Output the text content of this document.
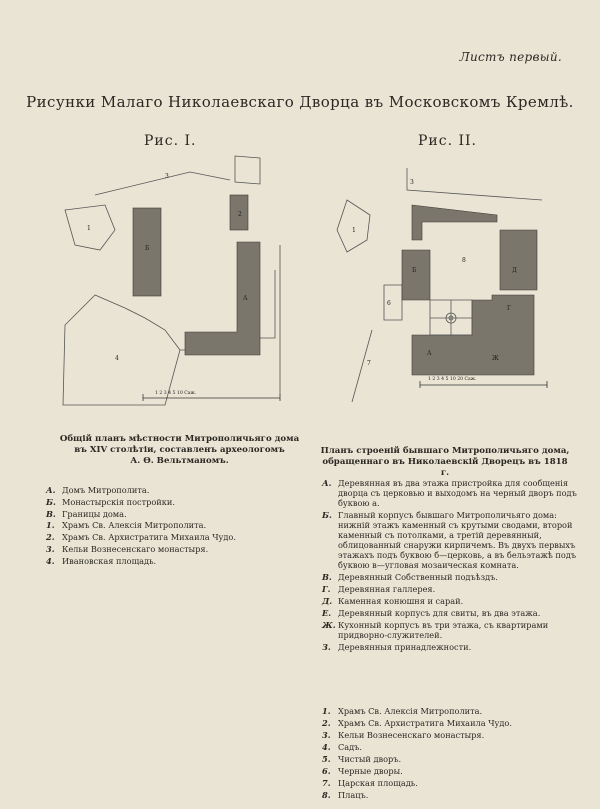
Листъ первый.
Рисунки Малаго Николаевскаго Дворца въ Московскомъ Кремлѣ.
Рис. I.	Рис. II.
3
1
Б
2
А
4
1 2 3 4 5 10 Саж.
3
1
8
Д
Б
А
Г
Ж
6
7
1 2 3 4 5 10 20 Саж.
Общій планъ мѣстности Митрополичьяго дома
въ XIV столѣтіи, составленъ археологомъ
А. Ѳ. Вельтманомъ.
Планъ строеній бывшаго Митрополичьяго дома,
обращеннаго въ Николаевскій Дворецъ въ 1818 г.
А. Домъ Митрополита.
Б. Монастырскія постройки.
В. Границы дома.
1. Храмъ Св. Алексія Митрополита.
2. Храмъ Св. Архистратига Михаила Чудо.
3. Кельи Вознесенскаго монастыря.
4. Ивановская площадь.
А. Деревянная въ два этажа пристройка для сообщенія дворца съ церковью и выходомъ на черный дворъ подъ буквою а.
Б. Главный корпусъ бывшаго Митрополичьяго дома: нижній этажъ каменный съ крутыми сводами, второй каменный съ потолками, а третій деревянный, облицованный снаружи кирпичемъ. Въ двухъ первыхъ этажахъ подъ буквою б—церковь, а въ бельэтажѣ подъ буквою в—угловая мозаическая комната.
В. Деревянный Собственный подъѣздъ.
Г. Деревянная галлерея.
Д. Каменная конюшня и сарай.
Е. Деревянный корпусъ для свиты, въ два этажа.
Ж. Кухонный корпусъ въ три этажа, съ квартирами придворно-служителей.
З. Деревянныя принадлежности.
1. Храмъ Св. Алексія Митрополита.
2. Храмъ Св. Архистратига Михаила Чудо.
3. Кельи Вознесенскаго монастыря.
4. Садъ.
5. Чистый дворъ.
6. Черные дворы.
7. Царская площадь.
8. Плацъ.
